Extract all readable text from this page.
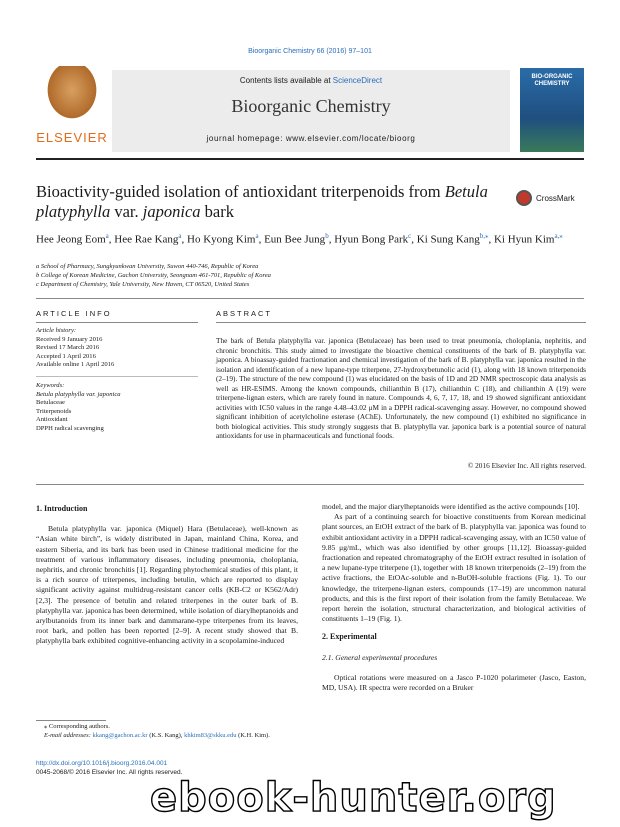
Bioorganic Chemistry 66 (2016) 97–101
ELSEVIER
Contents lists available at ScienceDirect
Bioorganic Chemistry
journal homepage: www.elsevier.com/locate/bioorg
BIO-ORGANIC CHEMISTRY
Bioactivity-guided isolation of antioxidant triterpenoids from Betula
platyphylla var. japonica bark
CrossMark
Hee Jeong Eom$^a$, Hee Rae Kang$^a$, Ho Kyong Kim$^a$, Eun Bee Jung$^b$, Hyun Bong Park$^c$, Ki Sung Kang$^{b,⁎}$, Ki Hyun Kim$^{a,⁎}$
a School of Pharmacy, Sungkyunkwan University, Suwon 440-746, Republic of Korea
b College of Korean Medicine, Gachon University, Seongnam 461-701, Republic of Korea
c Department of Chemistry, Yale University, New Haven, CT 06520, United States
ARTICLE INFO
Article history:
Received 9 January 2016
Revised 17 March 2016
Accepted 1 April 2016
Available online 1 April 2016
Keywords:
Betula platyphylla var. japonica
Betulaceae
Triterpenoids
Antioxidant
DPPH radical scavenging
ABSTRACT
The bark of Betula platyphylla var. japonica (Betulaceae) has been used to treat pneumonia, choloplania, nephritis, and chronic bronchitis. This study aimed to investigate the bioactive chemical constituents of the bark of B. platyphylla var. japonica. A bioassay-guided fractionation and chemical investigation of the bark of B. platyphylla var. japonica resulted in the isolation and identification of a new lupane-type triterpene, 27-hydroxybetunolic acid (1), along with 18 known triterpenoids (2–19). The structure of the new compound (1) was elucidated on the basis of 1D and 2D NMR spectroscopic data analysis as well as HR-ESIMS. Among the known compounds, chilianthin B (17), chilianthin C (18), and chilianthin A (19) were triterpene-lignan esters, which are rarely found in nature. Compounds 4, 6, 7, 17, 18, and 19 showed significant antioxidant activities with IC50 values in the range 4.48–43.02 μM in a DPPH radical-scavenging assay. However, no compound showed significant inhibition of acetylcholine esterase (AChE). Unfortunately, the new compound (1) exhibited no significance in both biological activities. This study strongly suggests that B. platyphylla var. japonica bark is a potential source of natural antioxidants for use in pharmaceuticals and functional foods.
© 2016 Elsevier Inc. All rights reserved.
1. Introduction

Betula platyphylla var. japonica (Miquel) Hara (Betulaceae), well-known as “Asian white birch”, is widely distributed in Japan, mainland China, Korea, and eastern Siberia, and its bark has been used in Chinese traditional medicine for the treatment of various inflammatory diseases, including pneumonia, choloplania, nephritis, and chronic bronchitis [1]. Regarding phytochemical studies of this plant, it is a rich source of triterpenes, including betulin, which are reported to display significant activity against multidrug-resistant cancer cells (KB-C2 or K562/Adr) [2,3]. The presence of betulin and related triterpenes in the outer bark of B. platyphylla var. japonica has been determined, while isolation of diarylheptanoids and arylbutanoids from its inner bark and dammarane-type triterpenes from its leaves, root bark, and pollen has been reported [2–9]. A recent study showed that B. platyphylla bark exhibited cognitive-enhancing activity in a scopolamine-induced

model, and the major diarylheptanoids were identified as the active compounds [10].

As part of a continuing search for bioactive constituents from Korean medicinal plant sources, an EtOH extract of the bark of B. platyphylla var. japonica was found to exhibit antioxidant activity in a DPPH radical-scavenging assay, with an IC50 value of 9.85 μg/mL, which was also identified by other groups [11,12]. Bioassay-guided fractionation and repeated chromatography of the EtOH extract resulted in isolation of a new lupane-type triterpene (1), together with 18 known triterpenoids (2–19) from the active fractions, the EtOAc-soluble and n-BuOH-soluble fractions (Fig. 1). To our knowledge, the triterpene-lignan esters, compounds (17–19) are uncommon natural products, and this is the first report of their isolation from the family Betulaceae. We report herein the isolation, structural characterization, and biological activities of constituents 1–19 (Fig. 1).

2. Experimental
2.1. General experimental procedures

Optical rotations were measured on a Jasco P-1020 polarimeter (Jasco, Easton, MD, USA). IR spectra were recorded on a Bruker

⁎ Corresponding authors.
E-mail addresses: kkang@gachon.ac.kr (K.S. Kang), khkim83@skku.edu (K.H. Kim).
http://dx.doi.org/10.1016/j.bioorg.2016.04.001
0045-2068/© 2016 Elsevier Inc. All rights reserved.
ebook-hunter.org
